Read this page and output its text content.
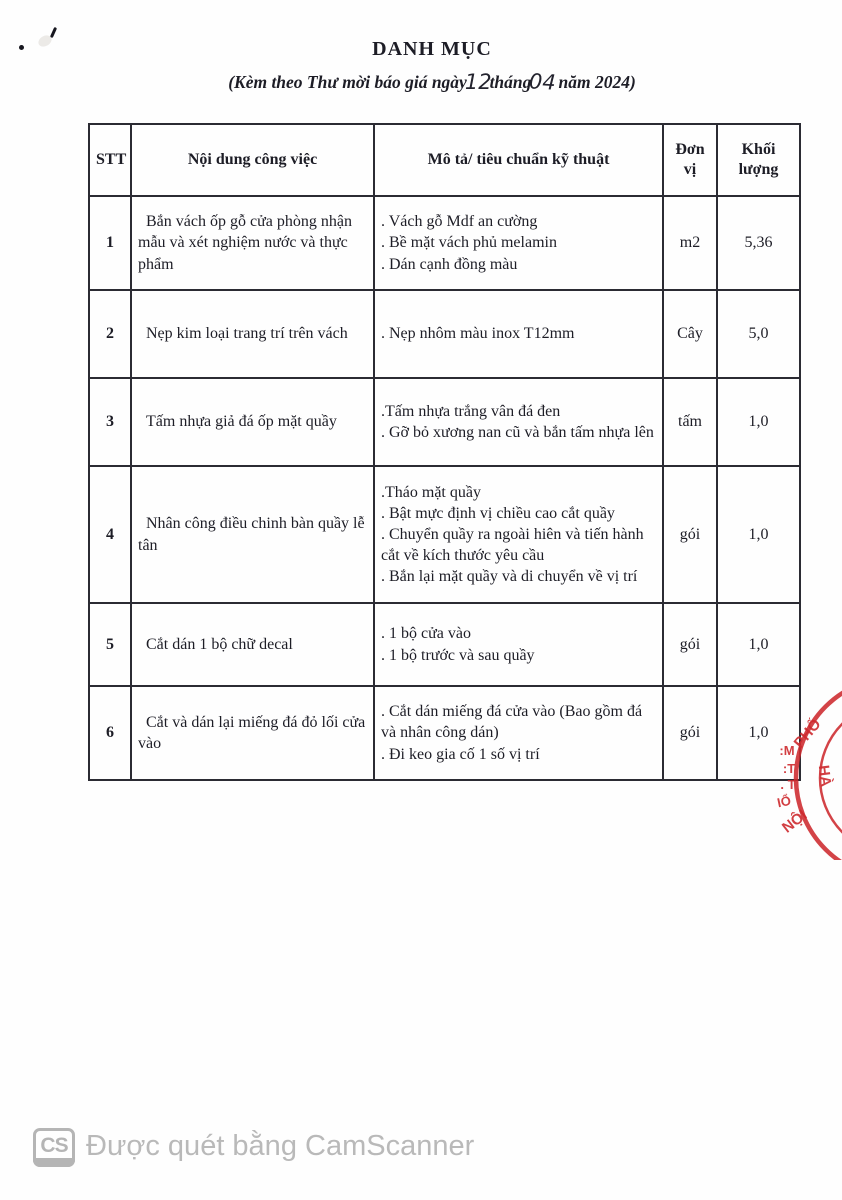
DANH MỤC
(Kèm theo Thư mời báo giá ngày12tháng04 năm 2024)
STT	Nội dung công việc	Mô tả/ tiêu chuẩn kỹ thuật	Đơn vị	Khối lượng
1	Bắn vách ốp gỗ cửa phòng nhận mẫu và xét nghiệm nước và thực phẩm	. Vách gỗ Mdf an cường
. Bề mặt vách phủ melamin
. Dán cạnh đồng màu	m2	5,36
2	Nẹp kim loại trang trí trên vách	. Nẹp nhôm màu inox T12mm	Cây	5,0
3	Tấm nhựa giả đá ốp mặt quầy	.Tấm nhựa trắng vân đá đen
. Gỡ bỏ xương nan cũ và bắn tấm nhựa lên	tấm	1,0
4	Nhân công điều chinh bàn quầy lễ tân	.Tháo mặt quầy
. Bật mực định vị chiều cao cắt quầy
. Chuyển quầy ra ngoài hiên và tiến hành cắt về kích thước yêu cầu
. Bắn lại mặt quầy và di chuyển về vị trí	gói	1,0
5	Cắt dán 1 bộ chữ decal	. 1 bộ cửa vào
. 1 bộ trước và sau quầy	gói	1,0
6	Cắt và dán lại miếng đá đỏ lối cửa vào	. Cắt dán miếng đá cửa vào (Bao gồm đá và nhân công dán)
. Đi keo gia cố 1 số vị trí	gói	1,0 PHỐ
HÀ
NỘI
:M
:T
. T
IỔ
CS Được quét bằng CamScanner
